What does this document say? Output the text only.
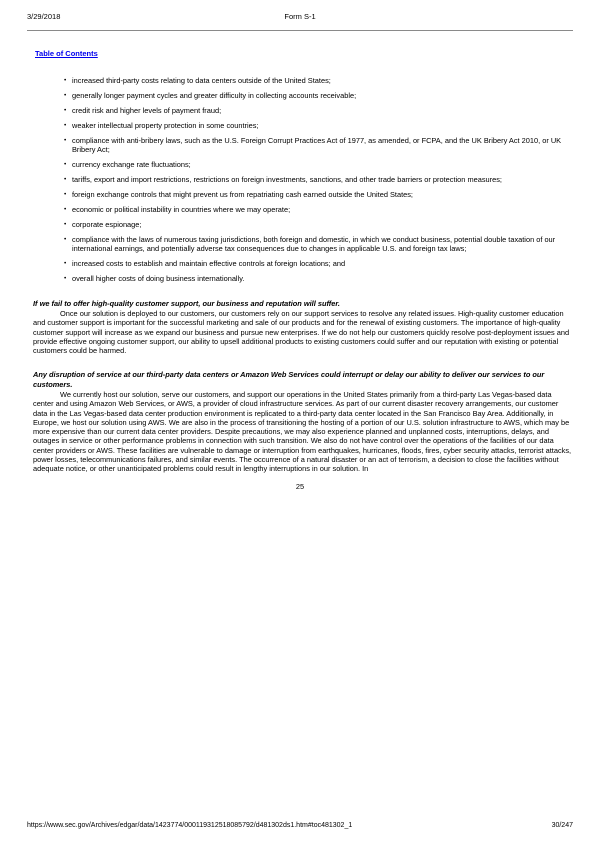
3/29/2018	Form S-1
Table of Contents
•
increased third-party costs relating to data centers outside of the United States;
•
generally longer payment cycles and greater difficulty in collecting accounts receivable;
•
credit risk and higher levels of payment fraud;
•
weaker intellectual property protection in some countries;
•
compliance with anti-bribery laws, such as the U.S. Foreign Corrupt Practices Act of 1977, as amended, or FCPA, and the UK Bribery Act 2010, or UK Bribery Act;
•
currency exchange rate fluctuations;
•
tariffs, export and import restrictions, restrictions on foreign investments, sanctions, and other trade barriers or protection measures;
•
foreign exchange controls that might prevent us from repatriating cash earned outside the United States;
•
economic or political instability in countries where we may operate;
•
corporate espionage;
•
compliance with the laws of numerous taxing jurisdictions, both foreign and domestic, in which we conduct business, potential double taxation of our international earnings, and potentially adverse tax consequences due to changes in applicable U.S. and foreign tax laws;
•
increased costs to establish and maintain effective controls at foreign locations; and
•
overall higher costs of doing business internationally.
If we fail to offer high-quality customer support, our business and reputation will suffer.
Once our solution is deployed to our customers, our customers rely on our support services to resolve any related issues. High-quality customer education and customer support is important for the successful marketing and sale of our products and for the renewal of existing customers. The importance of high-quality customer support will increase as we expand our business and pursue new enterprises. If we do not help our customers quickly resolve post-deployment issues and provide effective ongoing customer support, our ability to upsell additional products to existing customers could suffer and our reputation with existing or potential customers could be harmed.
Any disruption of service at our third-party data centers or Amazon Web Services could interrupt or delay our ability to deliver our services to our customers.
We currently host our solution, serve our customers, and support our operations in the United States primarily from a third-party Las Vegas-based data center and using Amazon Web Services, or AWS, a provider of cloud infrastructure services. As part of our current disaster recovery arrangements, our customer data in the Las Vegas-based data center production environment is replicated to a third-party data center located in the San Francisco Bay Area. Additionally, in Europe, we host our solution using AWS. We are also in the process of transitioning the hosting of a portion of our U.S. solution infrastructure to AWS, which may be more expensive than our current data center providers. Despite precautions, we may also experience planned and unplanned costs, interruptions, delays, and outages in service or other performance problems in connection with such transition. We also do not have control over the operations of the facilities of our data center providers or AWS. These facilities are vulnerable to damage or interruption from earthquakes, hurricanes, floods, fires, cyber security attacks, terrorist attacks, power losses, telecommunications failures, and similar events. The occurrence of a natural disaster or an act of terrorism, a decision to close the facilities without adequate notice, or other unanticipated problems could result in lengthy interruptions in our solution. In
25
https://www.sec.gov/Archives/edgar/data/1423774/000119312518085792/d481302ds1.htm#toc481302_1	30/247
